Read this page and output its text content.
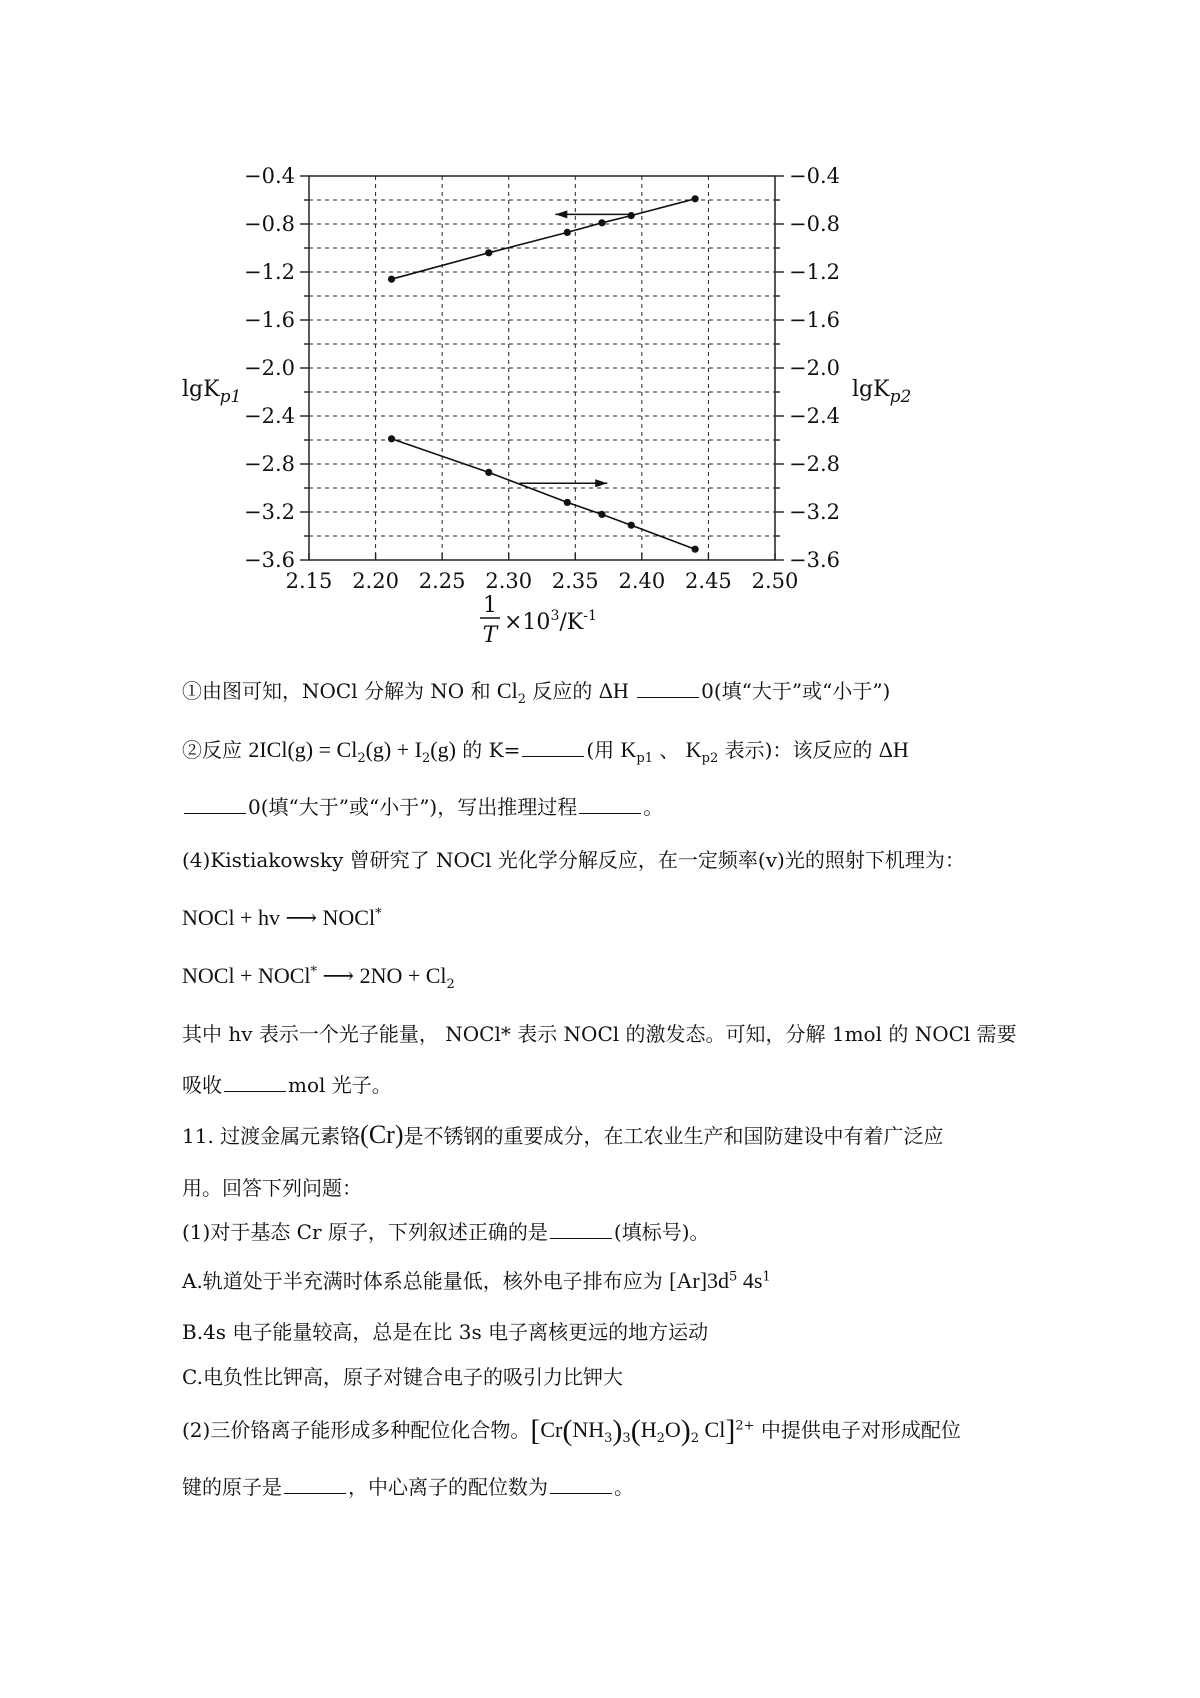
−0.4	−0.4
−0.8	−0.8
−1.2	−1.2
−1.6	−1.6
−2.0	−2.0
−2.4	−2.4
−2.8	−2.8
−3.2	−3.2
−3.6	−3.6
2.15 2.20 2.25 2.30 2.35 2.40 2.45 2.50
lgK$_{p1}$	lgK$_{p2}$
1
T
$\times 10^3/K^{-1}$
①由图可知，NOCl 分解为 NO 和 $Cl_2$ 反应的 ΔH	0(填“大于”或“小于”)
②反应 $2ICl(g) = Cl_2(g) + I_2(g)$ 的 K=	(用 $K_{p1}$ 、 $K_{p2}$ 表示)：该反应的 ΔH
0(填“大于”或“小于”)，写出推理过程	。
(4)Kistiakowsky 曾研究了 NOCl 光化学分解反应，在一定频率(v)光的照射下机理为：
NOCl + hv ⟶ NOCl*
NOCl + NOCl* ⟶ $2NO + Cl_2$
其中 hv 表示一个光子能量， NOCl* 表示 NOCl 的激发态。可知，分解 1mol 的 NOCl 需要
吸收	mol 光子。
11. 过渡金属元素铬(Cr)是不锈钢的重要成分，在工农业生产和国防建设中有着广泛应
用。回答下列问题：
(1)对于基态 Cr 原子，下列叙述正确的是	(填标号)。
A.轨道处于半充满时体系总能量低，核外电子排布应为 $[Ar]3d^5$ $4s^1$
B.4s 电子能量较高，总是在比 3s 电子离核更远的地方运动
C.电负性比钾高，原子对键合电子的吸引力比钾大
(2)三价铬离子能形成多种配位化合物。[$Cr(NH_3)_3(H_2O)_2$ Cl]$^{2+}$ 中提供电子对形成配位
键的原子是	，中心离子的配位数为	。
